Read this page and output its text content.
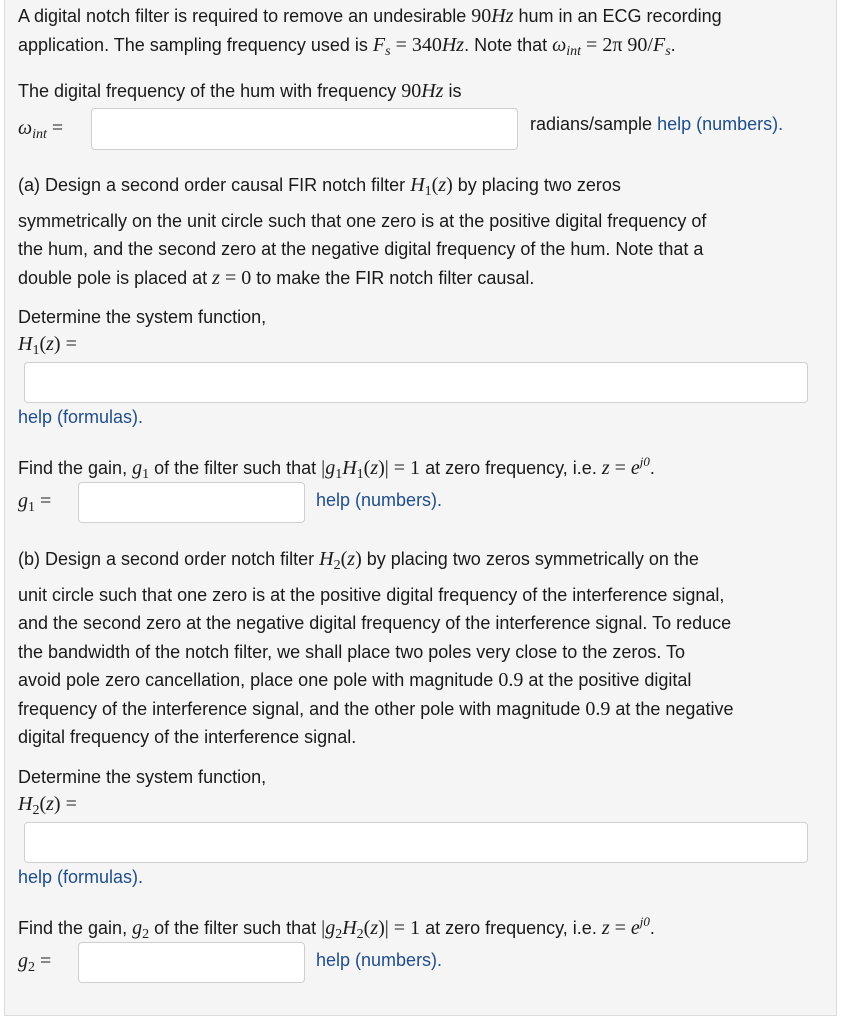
A digital notch filter is required to remove an undesirable 90Hz hum in an ECG recording
application. The sampling frequency used is $F_s = 340Hz$. Note that $\omega_{int} = 2\pi$ $90/F_s$.
The digital frequency of the hum with frequency 90Hz is
$\omega_{int}$ =	radians/sample help (numbers).
(a) Design a second order causal FIR notch filter $H_1(z)$ by placing two zeros
symmetrically on the unit circle such that one zero is at the positive digital frequency of
the hum, and the second zero at the negative digital frequency of the hum. Note that a
double pole is placed at z = 0 to make the FIR notch filter causal.
Determine the system function,
$H_1(z)$ =
help (formulas).
Find the gain, $g_1$ of the filter such that $|g_1H_1(z)| = 1$ at zero frequency, i.e. $z = e^{j0}$.
$g_1$ =	help (numbers).
(b) Design a second order notch filter $H_2(z)$ by placing two zeros symmetrically on the
unit circle such that one zero is at the positive digital frequency of the interference signal,
and the second zero at the negative digital frequency of the interference signal. To reduce
the bandwidth of the notch filter, we shall place two poles very close to the zeros. To
avoid pole zero cancellation, place one pole with magnitude 0.9 at the positive digital
frequency of the interference signal, and the other pole with magnitude 0.9 at the negative
digital frequency of the interference signal.
Determine the system function,
$H_2(z)$ =
help (formulas).
Find the gain, $g_2$ of the filter such that $|g_2H_2(z)| = 1$ at zero frequency, i.e. $z = e^{j0}$.
$g_2$ =	help (numbers).
